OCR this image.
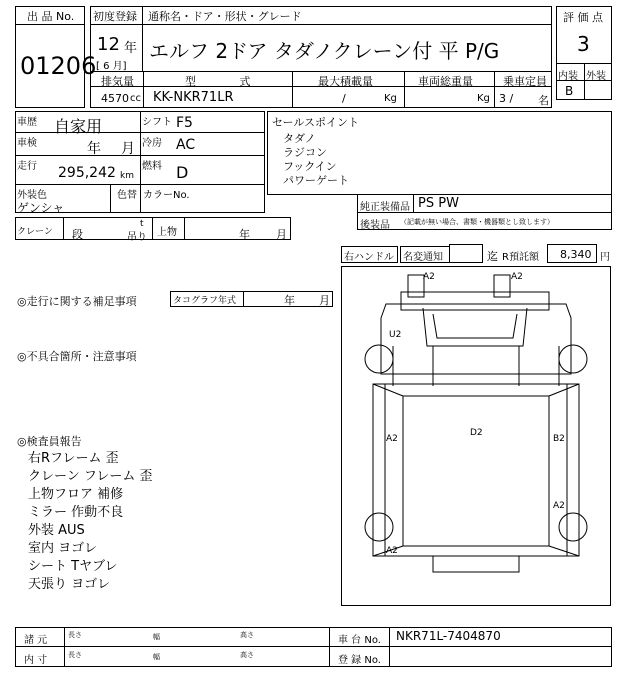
出 品 No.
01206
初度登録
12 年
[ 6 月]
通称名・ドア・形状・グレード
エルフ 2ドア タダノクレーン付 平 P/G
評 価 点
3
内装 外装
B
排気量	型 式	最大積載量	車両総重量	乗車定員
4570 cc KK-NKR71LR	/	Kg	Kg 3 / 名
車歴 自家用	シフト F5
車検	年 月 冷房 AC
走行 295,242 km
燃料 D
外装色
ゲンシャ
色替 カラーNo.
セールスポイント
タダノ
ラジコン
フックイン
パワーゲート
純正装備品 PS PW
後装品 （記載が無い場合、書類・機器類とし致します）
クレーン 段
t
吊り 上物	年 月
右ハンドル 名変通知	迄 R預託額 8,340 円
◎走行に関する補足事項	タコグラフ年式	年 月
◎不具合箇所・注意事項
◎検査員報告
右Rフレーム 歪
クレーン フレーム 歪
上物フロア 補修
ミラー 作動不良
外装 AUS
室内 ヨゴレ
シート Tヤブレ
天張り ヨゴレ
A2	A2
U2
A2
D2
B2
A2
A2
諸 元
内 寸
長さ	幅	高さ
長さ	幅	高さ
車 台 No. NKR71L-7404870
登 録 No.
